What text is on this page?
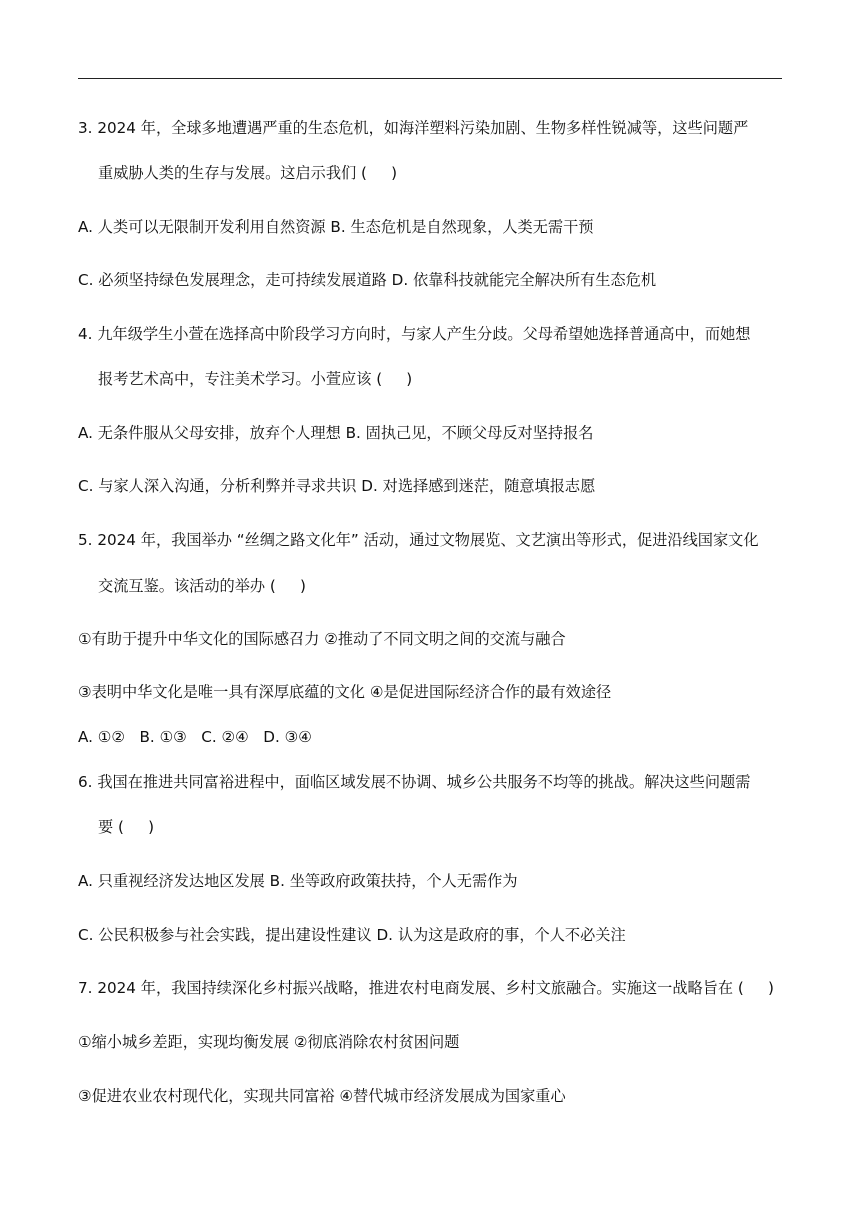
3. 2024 年，全球多地遭遇严重的生态危机，如海洋塑料污染加剧、生物多样性锐减等，这些问题严
重威胁人类的生存与发展。这启示我们 (     )
A. 人类可以无限制开发利用自然资源 B. 生态危机是自然现象，人类无需干预
C. 必须坚持绿色发展理念，走可持续发展道路 D. 依靠科技就能完全解决所有生态危机
4. 九年级学生小萱在选择高中阶段学习方向时，与家人产生分歧。父母希望她选择普通高中，而她想
报考艺术高中，专注美术学习。小萱应该 (     )
A. 无条件服从父母安排，放弃个人理想 B. 固执己见，不顾父母反对坚持报名
C. 与家人深入沟通，分析利弊并寻求共识 D. 对选择感到迷茫，随意填报志愿
5. 2024 年，我国举办 “丝绸之路文化年” 活动，通过文物展览、文艺演出等形式，促进沿线国家文化
交流互鉴。该活动的举办 (     )
①有助于提升中华文化的国际感召力 ②推动了不同文明之间的交流与融合
③表明中华文化是唯一具有深厚底蕴的文化 ④是促进国际经济合作的最有效途径
A. ①②   B. ①③   C. ②④   D. ③④
6. 我国在推进共同富裕进程中，面临区域发展不协调、城乡公共服务不均等的挑战。解决这些问题需
要 (     )
A. 只重视经济发达地区发展 B. 坐等政府政策扶持，个人无需作为
C. 公民积极参与社会实践，提出建设性建议 D. 认为这是政府的事，个人不必关注
7. 2024 年，我国持续深化乡村振兴战略，推进农村电商发展、乡村文旅融合。实施这一战略旨在 (     )
①缩小城乡差距，实现均衡发展 ②彻底消除农村贫困问题
③促进农业农村现代化，实现共同富裕 ④替代城市经济发展成为国家重心
